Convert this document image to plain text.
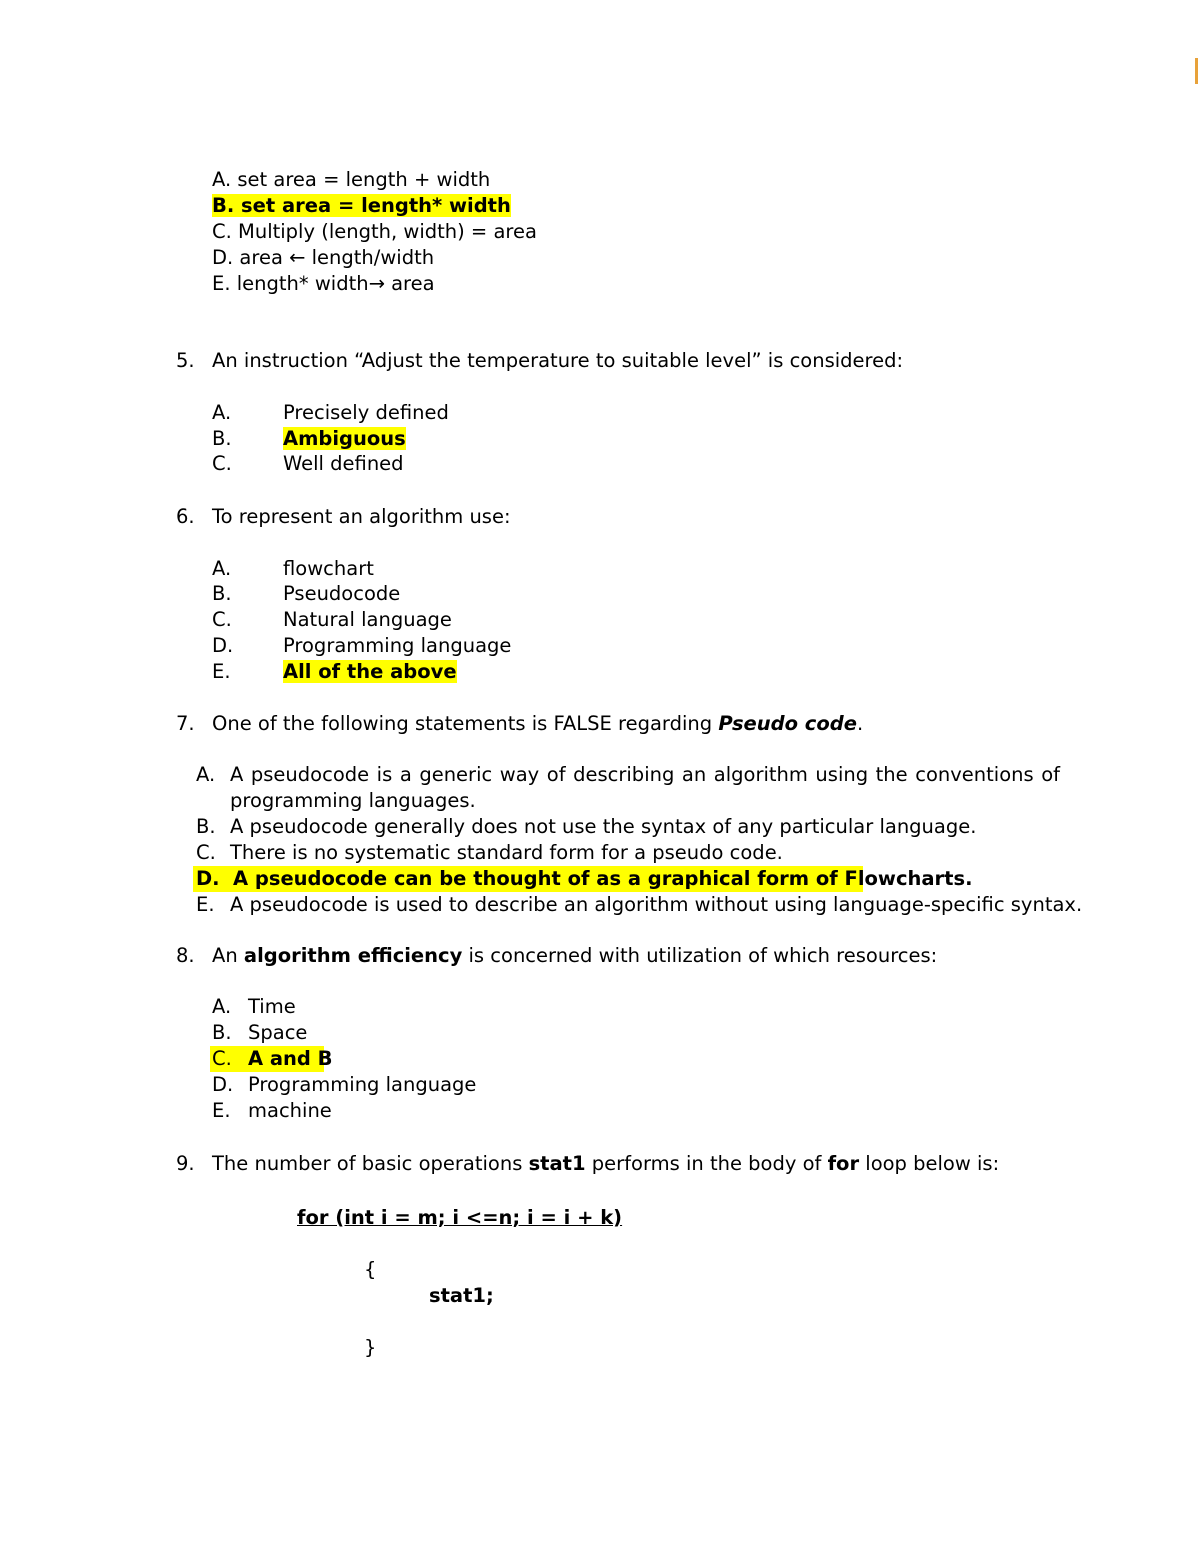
A. set area = length + width
B. set area = length* width
C. Multiply (length, width) = area
D. area ← length/width
E. length* width→ area
5. An instruction “Adjust the temperature to suitable level” is considered:
A.	Precisely defined
B.	Ambiguous
C.	Well defined
6. To represent an algorithm use:
A.	flowchart
B.	Pseudocode
C.	Natural language
D.	Programming language
E.	All of the above
7. One of the following statements is FALSE regarding Pseudo code.
A. A pseudocode is a generic way of describing an algorithm using the conventions of programming languages.
B. A pseudocode generally does not use the syntax of any particular language.
C. There is no systematic standard form for a pseudo code.
D. A pseudocode can be thought of as a graphical form of Flowcharts.
E. A pseudocode is used to describe an algorithm without using language-specific syntax.
8. An algorithm efficiency is concerned with utilization of which resources:
A. Time
B. Space
C. A and B
D. Programming language
E. machine
9. The number of basic operations stat1 performs in the body of for loop below is:
for (int i = m; i <=n; i = i + k)
{
stat1;
}
